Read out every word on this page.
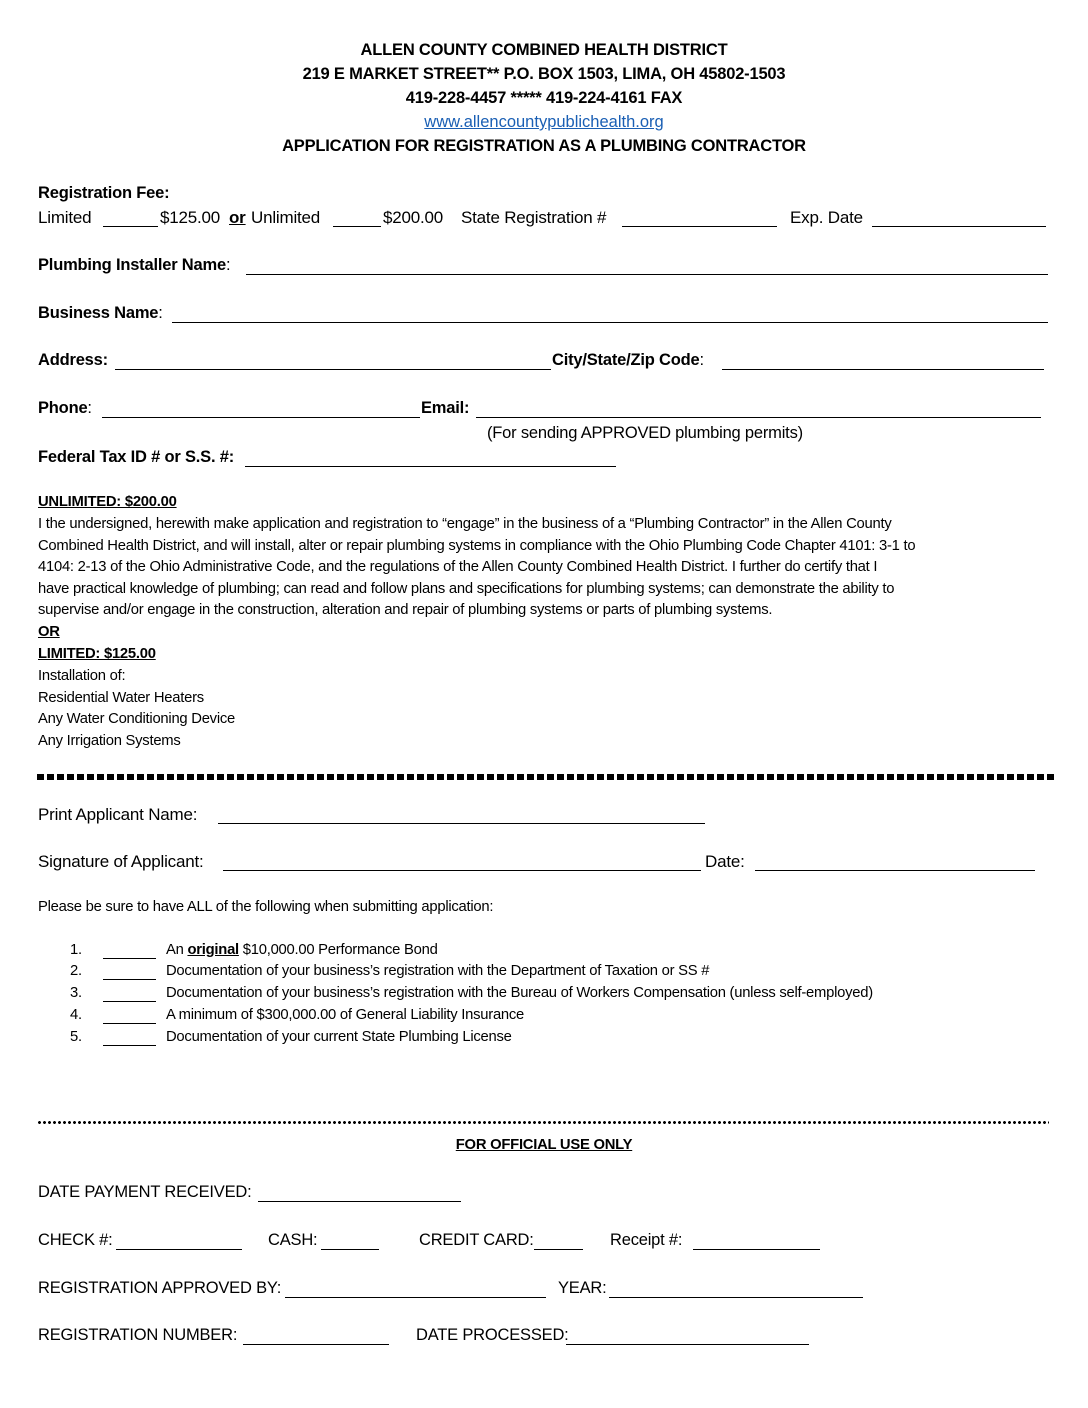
ALLEN COUNTY COMBINED HEALTH DISTRICT
219 E MARKET STREET** P.O. BOX 1503, LIMA, OH 45802-1503
419-228-4457 ***** 419-224-4161 FAX
www.allencountypublichealth.org
APPLICATION FOR REGISTRATION AS A PLUMBING CONTRACTOR
Registration Fee:
Limited	$125.00 or Unlimited	$200.00 State Registration #	Exp. Date
Plumbing Installer Name:
Business Name:
Address:	City/State/Zip Code:
Phone:	Email:
(For sending APPROVED plumbing permits)
Federal Tax ID # or S.S. #:
UNLIMITED: $200.00
I the undersigned, herewith make application and registration to “engage” in the business of a “Plumbing Contractor” in the Allen County
Combined Health District, and will install, alter or repair plumbing systems in compliance with the Ohio Plumbing Code Chapter 4101: 3-1 to
4104: 2-13 of the Ohio Administrative Code, and the regulations of the Allen County Combined Health District. I further do certify that I
have practical knowledge of plumbing; can read and follow plans and specifications for plumbing systems; can demonstrate the ability to
supervise and/or engage in the construction, alteration and repair of plumbing systems or parts of plumbing systems.
OR
LIMITED: $125.00
Installation of:
Residential Water Heaters
Any Water Conditioning Device
Any Irrigation Systems
Print Applicant Name:
Signature of Applicant:	Date:
Please be sure to have ALL of the following when submitting application:
1.	An original $10,000.00 Performance Bond
2.	Documentation of your business’s registration with the Department of Taxation or SS #
3.	Documentation of your business’s registration with the Bureau of Workers Compensation (unless self-employed)
4.	A minimum of $300,000.00 of General Liability Insurance
5.	Documentation of your current State Plumbing License
FOR OFFICIAL USE ONLY
DATE PAYMENT RECEIVED:
CHECK #:	CASH:	CREDIT CARD:	Receipt #:
REGISTRATION APPROVED BY:	YEAR:
REGISTRATION NUMBER:	DATE PROCESSED:
